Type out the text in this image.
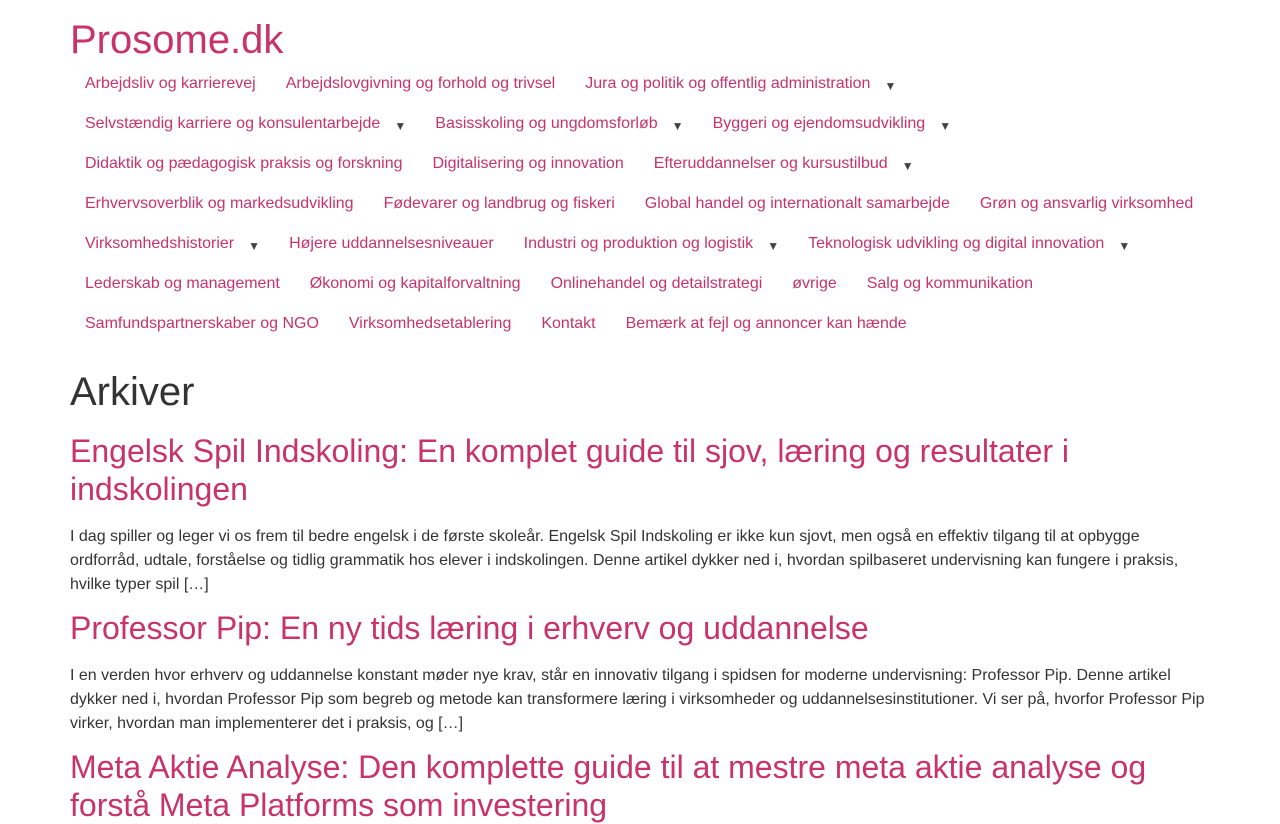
Prosome.dk
Arbejdsliv og karrierevej	Arbejdslovgivning og forhold og trivsel	Jura og politik og offentlig administration	▼
Selvstændig karriere og konsulentarbejde	▼	Basisskoling og ungdomsforløb	▼	Byggeri og ejendomsudvikling	▼
Didaktik og pædagogisk praksis og forskning	Digitalisering og innovation	Efteruddannelser og kursustilbud	▼
Erhvervsoverblik og markedsudvikling	Fødevarer og landbrug og fiskeri	Global handel og internationalt samarbejde	Grøn og ansvarlig virksomhed
Virksomhedshistorier	▼	Højere uddannelsesniveauer	Industri og produktion og logistik	▼	Teknologisk udvikling og digital innovation	▼
Lederskab og management	Økonomi og kapitalforvaltning	Onlinehandel og detailstrategi	øvrige	Salg og kommunikation
Samfundspartnerskaber og NGO	Virksomhedsetablering	Kontakt	Bemærk at fejl og annoncer kan hænde
Arkiver
Engelsk Spil Indskoling: En komplet guide til sjov, læring og resultater i indskolingen

I dag spiller og leger vi os frem til bedre engelsk i de første skoleår. Engelsk Spil Indskoling er ikke kun sjovt, men også en effektiv tilgang til at opbygge ordforråd, udtale, forståelse og tidlig grammatik hos elever i indskolingen. Denne artikel dykker ned i, hvordan spilbaseret undervisning kan fungere i praksis, hvilke typer spil […]

Professor Pip: En ny tids læring i erhverv og uddannelse

I en verden hvor erhverv og uddannelse konstant møder nye krav, står en innovativ tilgang i spidsen for moderne undervisning: Professor Pip. Denne artikel dykker ned i, hvordan Professor Pip som begreb og metode kan transformere læring i virksomheder og uddannelsesinstitutioner. Vi ser på, hvorfor Professor Pip virker, hvordan man implementerer det i praksis, og […]

Meta Aktie Analyse: Den komplette guide til at mestre meta aktie analyse og forstå Meta Platforms som investering
